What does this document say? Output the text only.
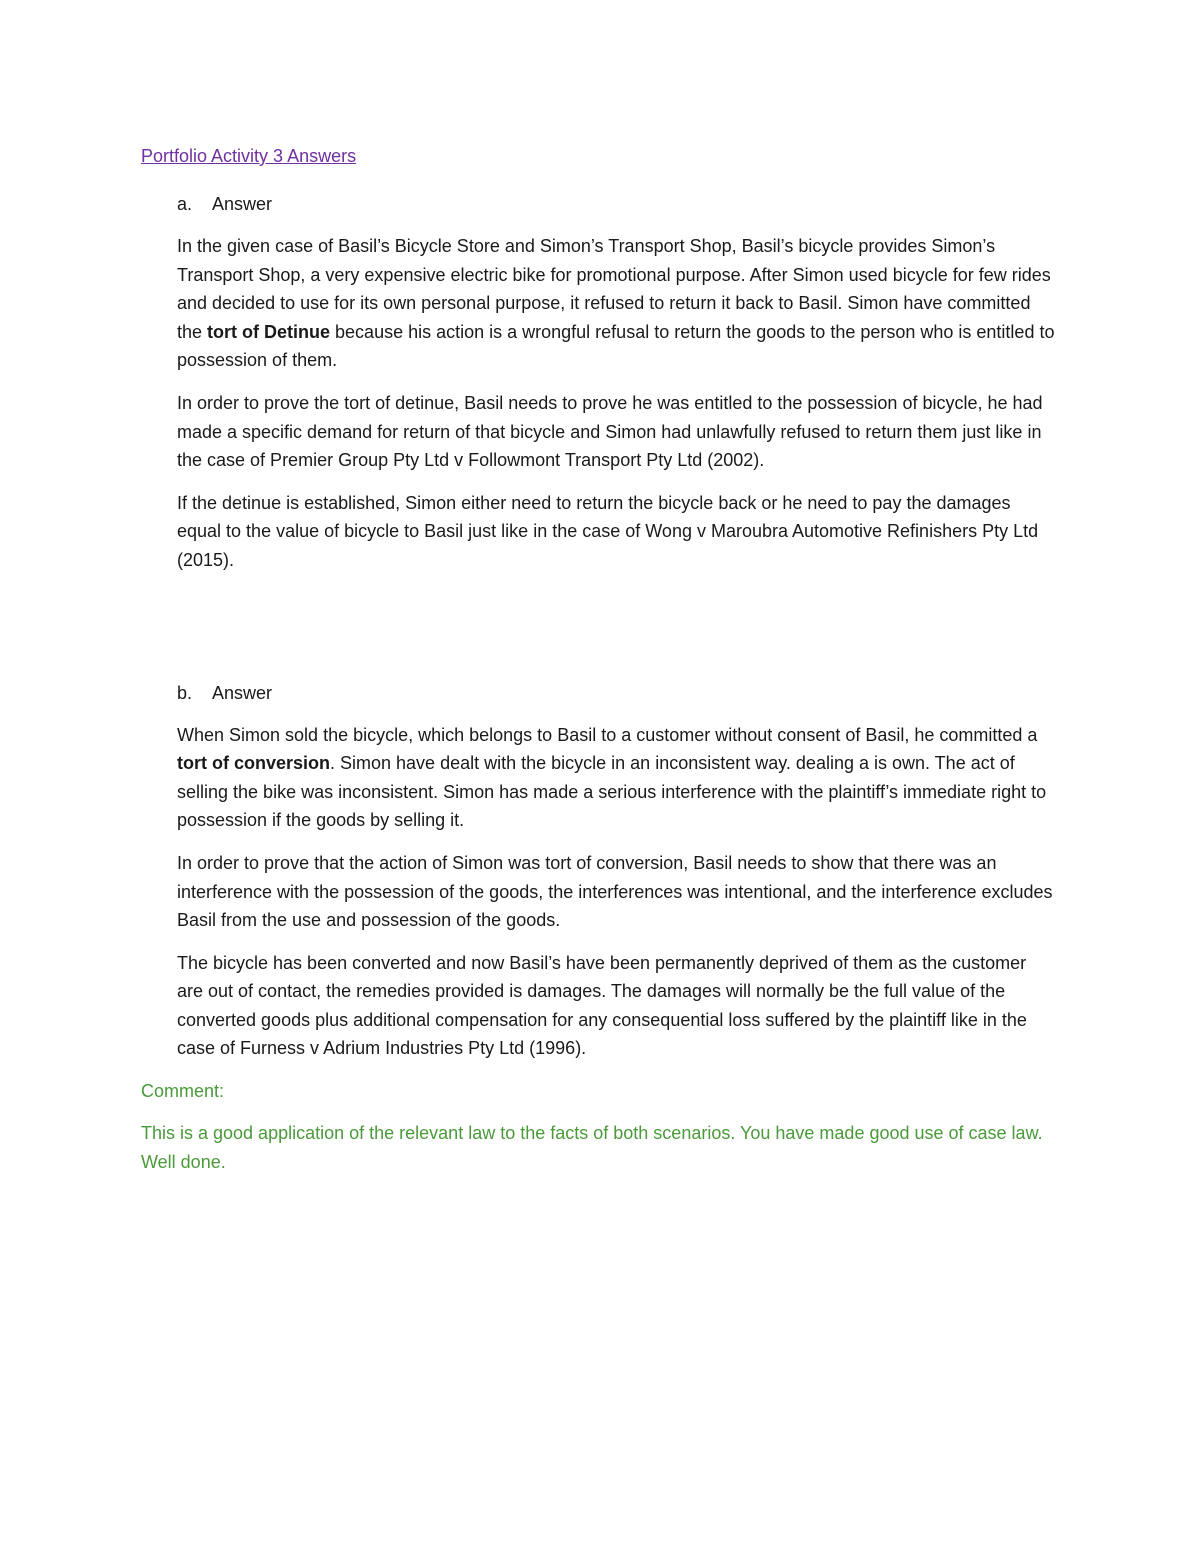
Portfolio Activity 3 Answers
a.	Answer

In the given case of Basil’s Bicycle Store and Simon’s Transport Shop, Basil’s bicycle provides Simon’s Transport Shop, a very expensive electric bike for promotional purpose. After Simon used bicycle for few rides and decided to use for its own personal purpose, it refused to return it back to Basil. Simon have committed the tort of Detinue because his action is a wrongful refusal to return the goods to the person who is entitled to possession of them.

In order to prove the tort of detinue, Basil needs to prove he was entitled to the possession of bicycle, he had made a specific demand for return of that bicycle and Simon had unlawfully refused to return them just like in the case of Premier Group Pty Ltd v Followmont Transport Pty Ltd (2002).

If the detinue is established, Simon either need to return the bicycle back or he need to pay the damages equal to the value of bicycle to Basil just like in the case of Wong v Maroubra Automotive Refinishers Pty Ltd (2015).

b.	Answer

When Simon sold the bicycle, which belongs to Basil to a customer without consent of Basil, he committed a tort of conversion. Simon have dealt with the bicycle in an inconsistent way. dealing a is own. The act of selling the bike was inconsistent. Simon has made a serious interference with the plaintiff’s immediate right to possession if the goods by selling it.

In order to prove that the action of Simon was tort of conversion, Basil needs to show that there was an interference with the possession of the goods, the interferences was intentional, and the interference excludes Basil from the use and possession of the goods.

The bicycle has been converted and now Basil’s have been permanently deprived of them as the customer are out of contact, the remedies provided is damages. The damages will normally be the full value of the converted goods plus additional compensation for any consequential loss suffered by the plaintiff like in the case of Furness v Adrium Industries Pty Ltd (1996).

Comment:

This is a good application of the relevant law to the facts of both scenarios. You have made good use of case law. Well done.
